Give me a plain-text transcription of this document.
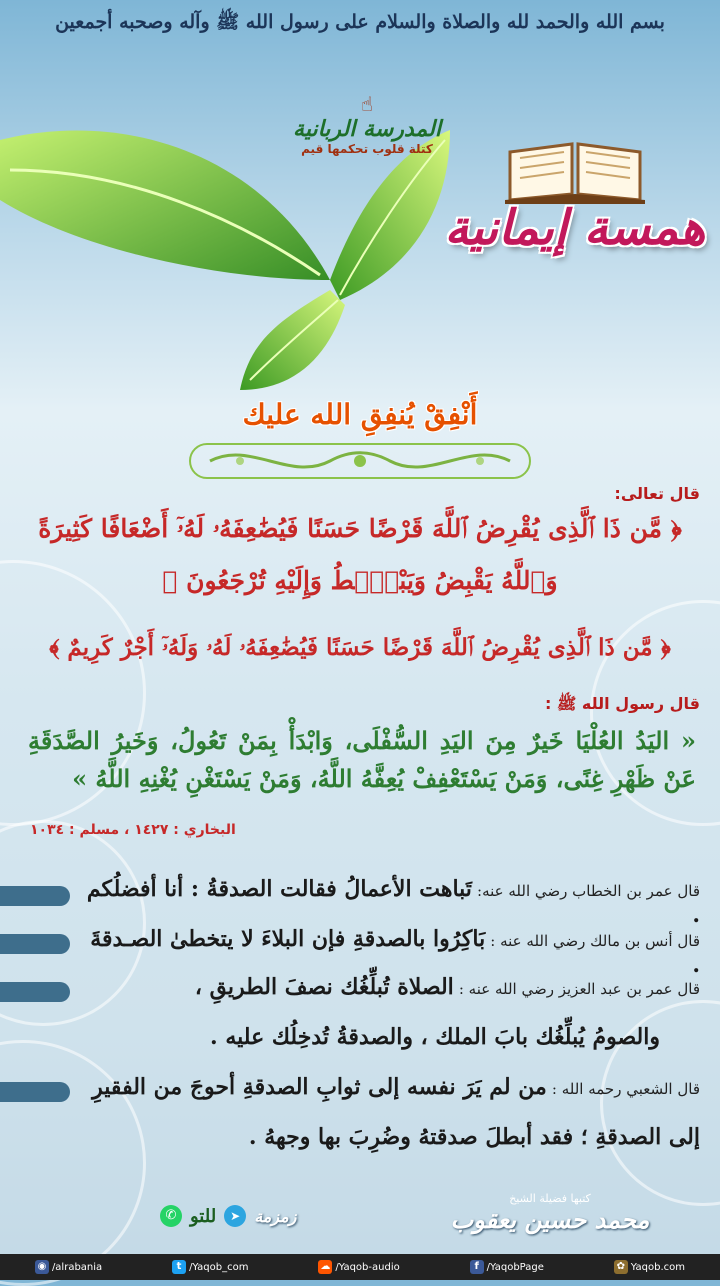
بسم الله والحمد لله والصلاة والسلام على رسول الله ﷺ وآله وصحبه أجمعين
☝
المدرسة الربانية
كتلة قلوب تحكمها قيم
همسة إيمانية
أَنْفِقْ يُنفِقِ الله عليك
قال تعالى:
﴿ مَّن ذَا ٱلَّذِى يُقْرِضُ ٱللَّهَ قَرْضًا حَسَنًا فَيُضَٰعِفَهُۥ لَهُۥٓ أَضْعَافًا كَثِيرَةً
وَٱللَّهُ يَقْبِضُ وَيَبْصُۜطُ وَإِلَيْهِ تُرْجَعُونَ ﴾
﴿ مَّن ذَا ٱلَّذِى يُقْرِضُ ٱللَّهَ قَرْضًا حَسَنًا فَيُضَٰعِفَهُۥ لَهُۥ وَلَهُۥٓ أَجْرٌ كَرِيمٌ ﴾
قال رسول الله ﷺ :
« اليَدُ العُلْيَا خَيرٌ مِنَ اليَدِ السُّفْلَى، وَابْدَأْ بِمَنْ تَعُولُ، وَخَيرُ الصَّدَقَةِ عَنْ ظَهْرِ غِنًى، وَمَنْ يَسْتَعْفِفْ يُعِفَّهُ اللَّهُ، وَمَنْ يَسْتَغْنِ يُغْنِهِ اللَّهُ »
البخاري : ١٤٢٧ ، مسلم : ١٠٣٤
قال عمر بن الخطاب رضي الله عنه: تَباهت الأعمالُ فقالت الصدقةُ : أنا أفضلُكم .
قال أنس بن مالك رضي الله عنه : بَاكِرُوا بالصدقةِ فإن البلاءَ لا يتخطىٰ الصـدقةَ .
قال عمر بن عبد العزيز رضي الله عنه : الصلاة تُبلِّغُك نصفَ الطريقِ ،
والصومُ يُبلِّغُك بابَ الملك ، والصدقةُ تُدخِلُك عليه .
قال الشعبي رحمه الله : من لم يَرَ نفسه إلى ثوابِ الصدقةِ أحوجَ من الفقيرِ
إلى الصدقةِ ؛ فقد أبطلَ صدقتهُ وضُرِبَ بها وجههُ .
كتبها فضيلة الشيخ
محمد حسين يعقوب
✆ للتو	➤ زمزمة
◉ /alrabania	t /Yaqob_com	☁ /Yaqob-audio	f /YaqobPage	✿ Yaqob.com
